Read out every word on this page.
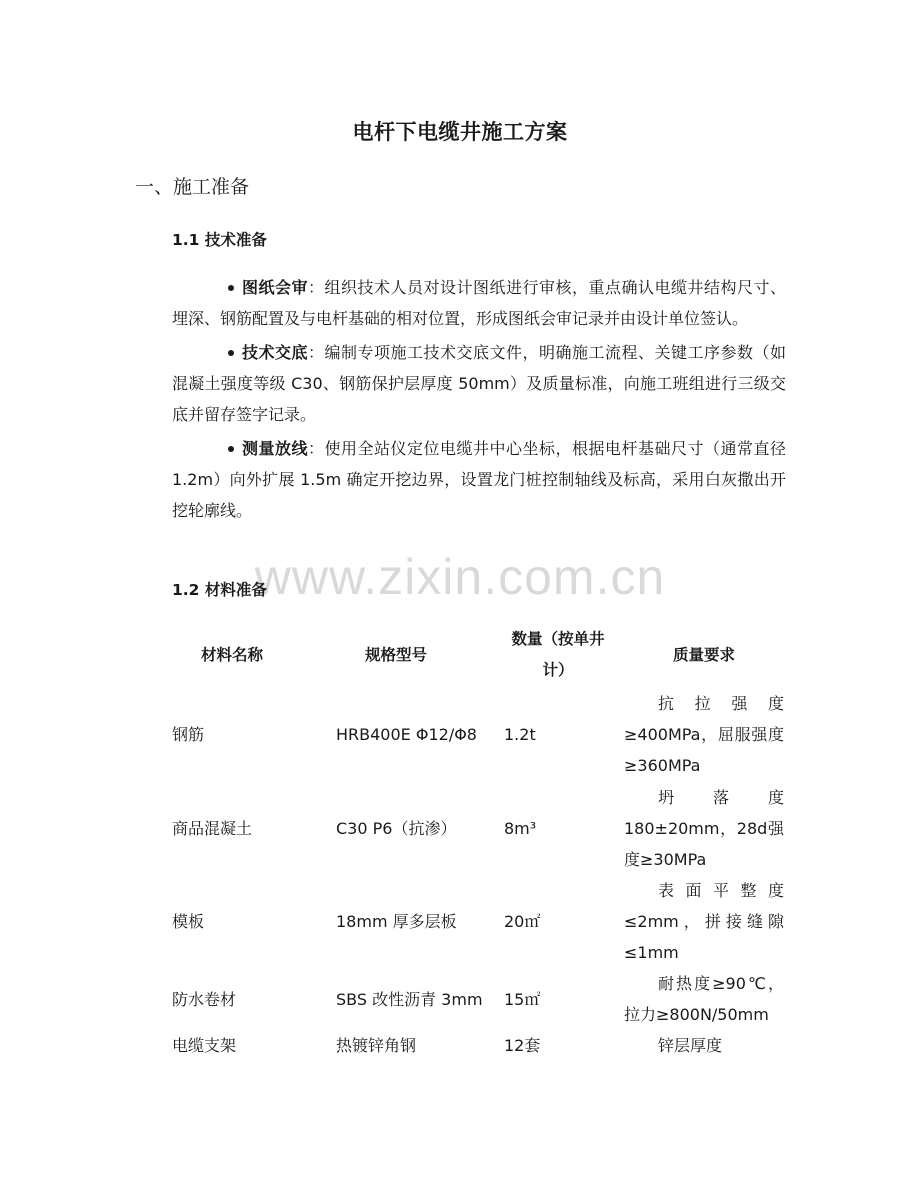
电杆下电缆井施工方案
一、施工准备
1.1 技术准备
图纸会审：组织技术人员对设计图纸进行审核，重点确认电缆井结构尺寸、埋深、钢筋配置及与电杆基础的相对位置，形成图纸会审记录并由设计单位签认。
技术交底：编制专项施工技术交底文件，明确施工流程、关键工序参数（如混凝土强度等级 C30、钢筋保护层厚度 50mm）及质量标准，向施工班组进行三级交底并留存签字记录。
测量放线：使用全站仪定位电缆井中心坐标，根据电杆基础尺寸（通常直径 1.2m）向外扩展 1.5m 确定开挖边界，设置龙门桩控制轴线及标高，采用白灰撒出开挖轮廓线。
www.zixin.com.cn
1.2 材料准备
材料名称	规格型号	数量（按单井计）	质量要求
钢筋	HRB400E Φ12/Φ8	1.2t	抗拉强度≥400MPa，屈服强度≥360MPa
商品混凝土	C30 P6（抗渗）	8m³	坍落度180±20mm，28d强度≥30MPa
模板	18mm 厚多层板	20㎡	表面平整度≤2mm，拼接缝隙≤1mm
防水卷材	SBS 改性沥青 3mm	15㎡	耐热度≥90℃，拉力≥800N/50mm
电缆支架	热镀锌角钢	12套	锌层厚度
